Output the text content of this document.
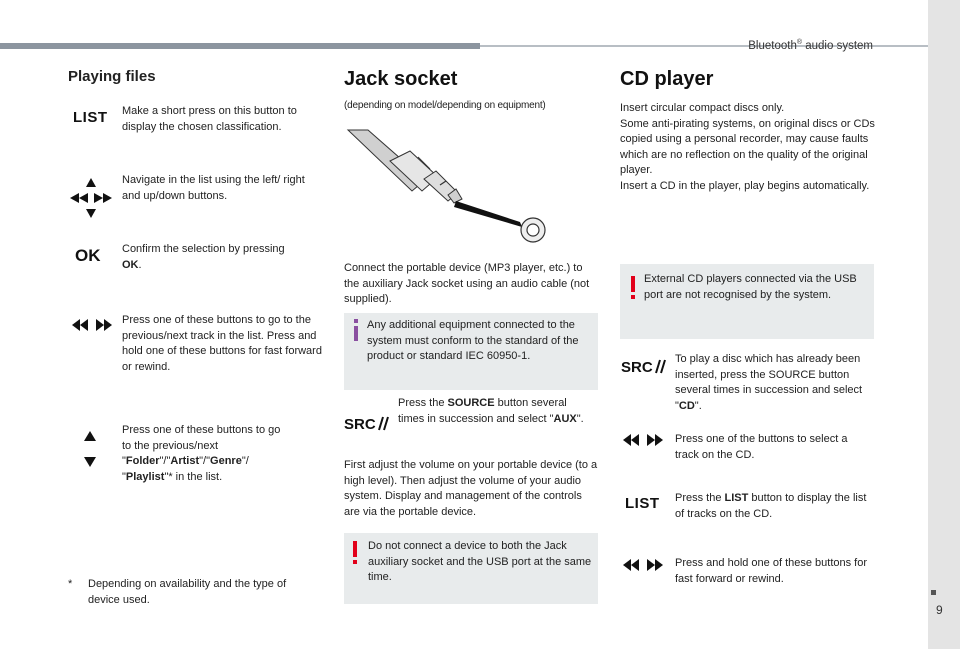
Bluetooth® audio system
9
Playing files
LIST Make a short press on this button to display the chosen classification.
Navigate in the list using the left/ right and up/down buttons.
OK Confirm the selection by pressing OK.
Press one of these buttons to go to the previous/next track in the list. Press and hold one of these buttons for fast forward or rewind.
Press one of these buttons to go to the previous/next "Folder"/"Artist"/"Genre"/ "Playlist"* in the list.
* Depending on availability and the type of device used.
Jack socket
(depending on model/depending on equipment)
Connect the portable device (MP3 player, etc.) to the auxiliary Jack socket using an audio cable (not supplied).
Any additional equipment connected to the system must conform to the standard of the product or standard IEC 60950-1.
SRC
Press the SOURCE button several times in succession and select "AUX".
First adjust the volume on your portable device (to a high level). Then adjust the volume of your audio system. Display and management of the controls are via the portable device.
Do not connect a device to both the Jack auxiliary socket and the USB port at the same time.
CD player
Insert circular compact discs only.
Some anti-pirating systems, on original discs or CDs copied using a personal recorder, may cause faults which are no reflection on the quality of the original player.
Insert a CD in the player, play begins automatically.
External CD players connected via the USB port are not recognised by the system.
SRC To play a disc which has already been inserted, press the SOURCE button several times in succession and select "CD".
Press one of the buttons to select a track on the CD.
LIST Press the LIST button to display the list of tracks on the CD.
Press and hold one of these buttons for fast forward or rewind.
